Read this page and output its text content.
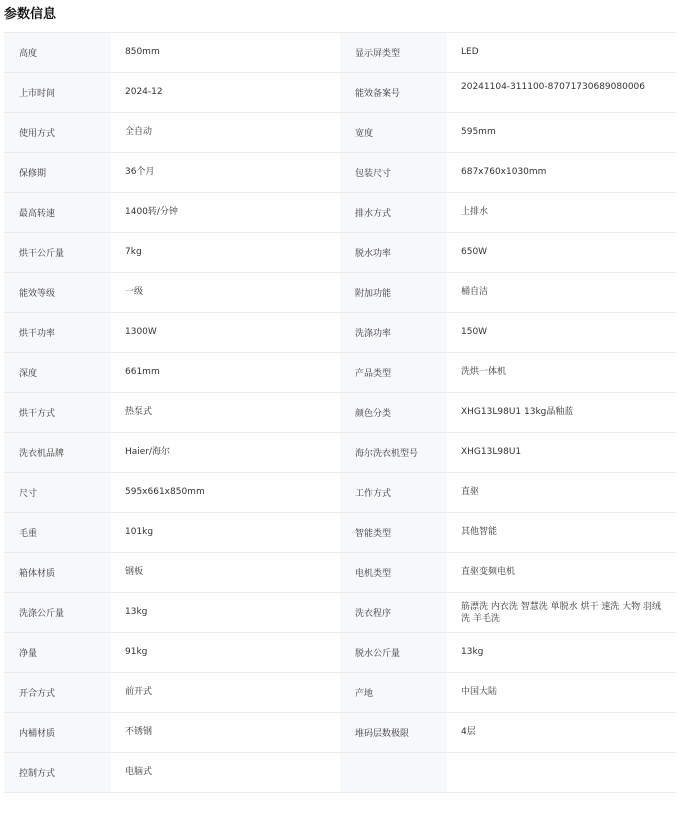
参数信息
高度	850mm	显示屏类型	LED
上市时间	2024-12	能效备案号	20241104-311100-87071730689080006
使用方式	全自动	宽度	595mm
保修期	36个月	包装尺寸	687x760x1030mm
最高转速	1400转/分钟	排水方式	上排水
烘干公斤量	7kg	脱水功率	650W
能效等级	一级	附加功能	桶自洁
烘干功率	1300W	洗涤功率	150W
深度	661mm	产品类型	洗烘一体机
烘干方式	热泵式	颜色分类	XHG13L98U1 13kg晶釉蓝
洗衣机品牌	Haier/海尔	海尔洗衣机型号	XHG13L98U1
尺寸	595x661x850mm	工作方式	直驱
毛重	101kg	智能类型	其他智能
箱体材质	钢板	电机类型	直驱变频电机
洗涤公斤量	13kg	洗衣程序	筋漂洗 内衣洗 智慧洗 单脱水 烘干 速洗 大物 羽绒洗 羊毛洗
净量	91kg	脱水公斤量	13kg
开合方式	前开式	产地	中国大陆
内桶材质	不锈钢	堆码层数极限	4层
控制方式	电脑式		
